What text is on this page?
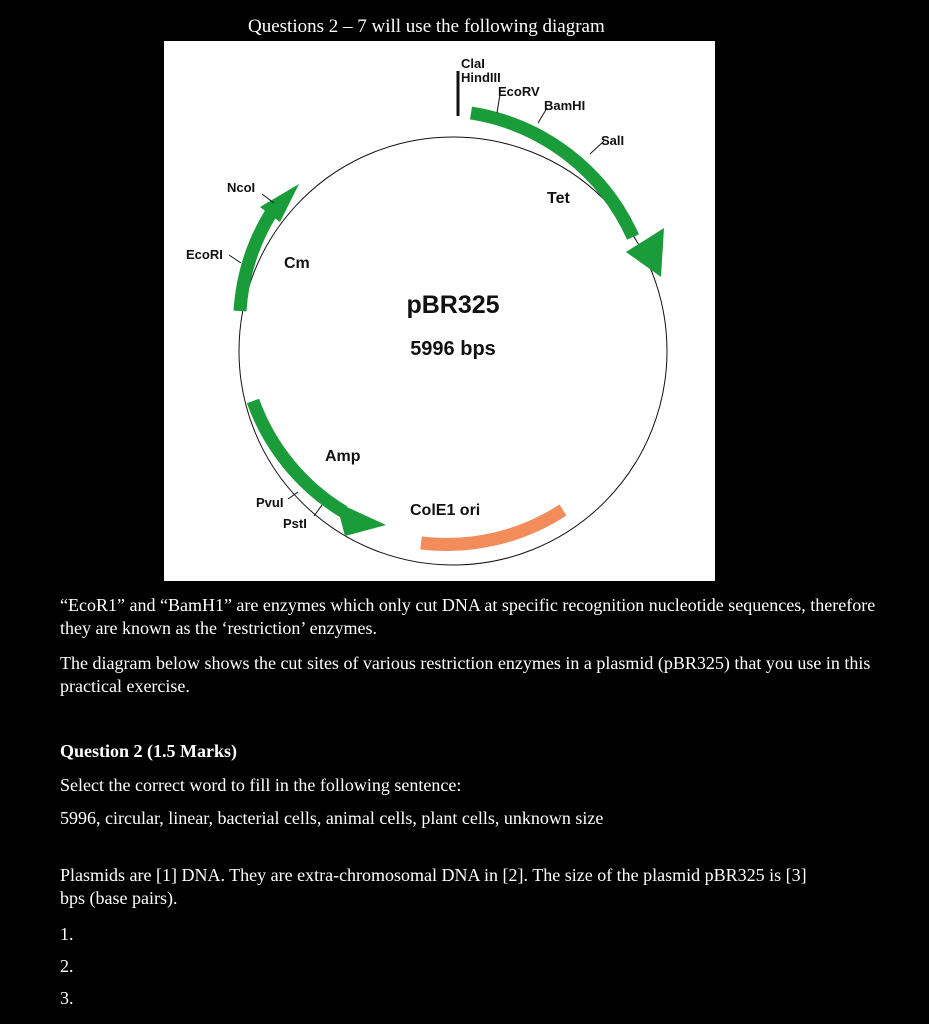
Questions 2 – 7 will use the following diagram
ClaI
HindIII
EcoRV
BamHI
SalI
NcoI
EcoRI
PvuI
PstI
Tet
Cm
Amp
ColE1 ori
pBR325
5996 bps
“EcoR1” and “BamH1” are enzymes which only cut DNA at specific recognition nucleotide sequences, therefore they are known as the ‘restriction’ enzymes.
The diagram below shows the cut sites of various restriction enzymes in a plasmid (pBR325) that you use in this practical exercise.
Question 2 (1.5 Marks)
Select the correct word to fill in the following sentence:
5996, circular, linear, bacterial cells, animal cells, plant cells, unknown size
Plasmids are [1] DNA. They are extra-chromosomal DNA in [2]. The size of the plasmid pBR325 is [3] bps (base pairs).
1.
2.
3.
